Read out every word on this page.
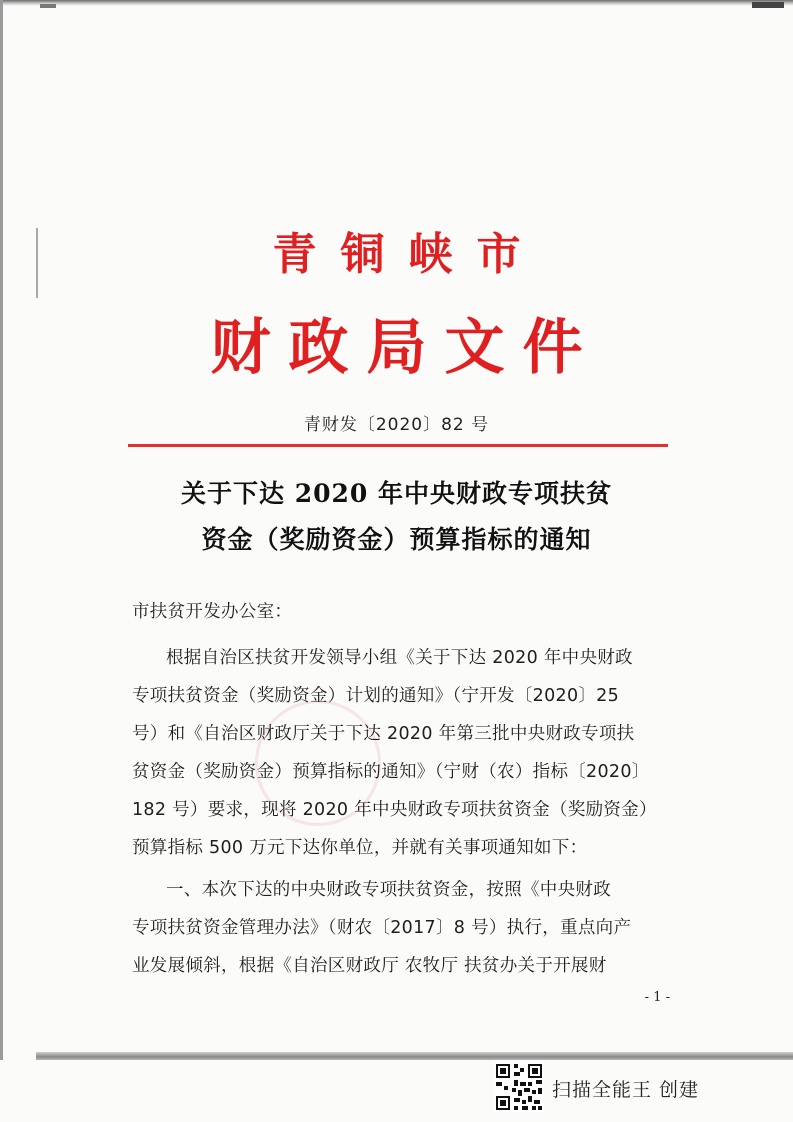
青铜峡市
财政局文件
青财发〔2020〕82 号
关于下达 2020 年中央财政专项扶贫
资金（奖励资金）预算指标的通知
市扶贫开发办公室：
根据自治区扶贫开发领导小组《关于下达 2020 年中央财政
专项扶贫资金（奖励资金）计划的通知》（宁开发〔2020〕25
号）和《自治区财政厅关于下达 2020 年第三批中央财政专项扶
贫资金（奖励资金）预算指标的通知》（宁财（农）指标〔2020〕
182 号）要求，现将 2020 年中央财政专项扶贫资金（奖励资金）
预算指标 500 万元下达你单位，并就有关事项通知如下：
一、本次下达的中央财政专项扶贫资金，按照《中央财政
专项扶贫资金管理办法》（财农〔2017〕8 号）执行，重点向产
业发展倾斜，根据《自治区财政厅 农牧厅 扶贫办关于开展财
- 1 -
扫描全能王 创建
